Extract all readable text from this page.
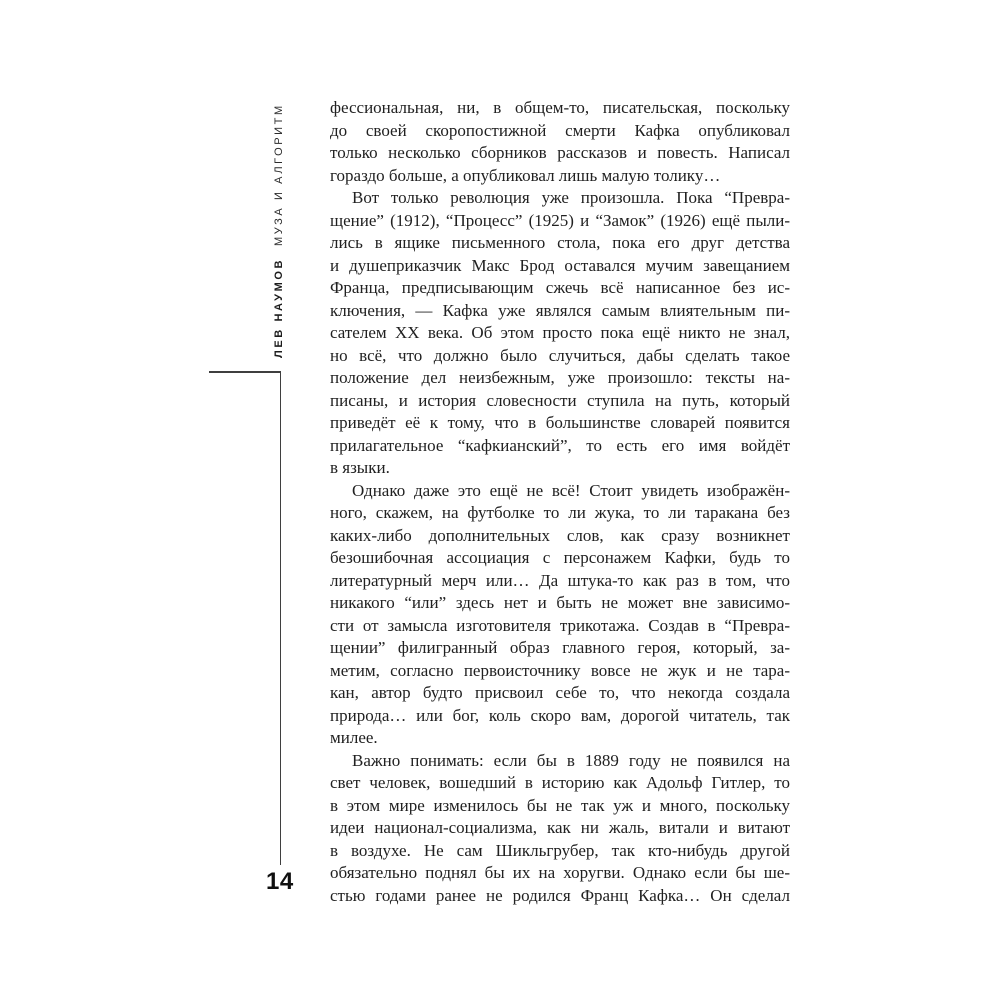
ЛЕВ НАУМОВМУЗА И АЛГОРИТМ
14
фессиональная, ни, в общем-то, писательская, поскольку
до своей скоропостижной смерти Кафка опубликовал
только несколько сборников рассказов и повесть. Написал
гораздо больше, а опубликовал лишь малую толику…
Вот только революция уже произошла. Пока “Превра-
щение” (1912), “Процесс” (1925) и “Замок” (1926) ещё пыли-
лись в ящике письменного стола, пока его друг детства
и душеприказчик Макс Брод оставался мучим завещанием
Франца, предписывающим сжечь всё написанное без ис-
ключения, — Кафка уже являлся самым влиятельным пи-
сателем XX века. Об этом просто пока ещё никто не знал,
но всё, что должно было случиться, дабы сделать такое
положение дел неизбежным, уже произошло: тексты на-
писаны, и история словесности ступила на путь, который
приведёт её к тому, что в большинстве словарей появится
прилагательное “кафкианский”, то есть его имя войдёт
в языки.
Однако даже это ещё не всё! Стоит увидеть изображён-
ного, скажем, на футболке то ли жука, то ли таракана без
каких-либо дополнительных слов, как сразу возникнет
безошибочная ассоциация с персонажем Кафки, будь то
литературный мерч или… Да штука-то как раз в том, что
никакого “или” здесь нет и быть не может вне зависимо-
сти от замысла изготовителя трикотажа. Создав в “Превра-
щении” филигранный образ главного героя, который, за-
метим, согласно первоисточнику вовсе не жук и не тара-
кан, автор будто присвоил себе то, что некогда создала
природа… или бог, коль скоро вам, дорогой читатель, так
милее.
Важно понимать: если бы в 1889 году не появился на
свет человек, вошедший в историю как Адольф Гитлер, то
в этом мире изменилось бы не так уж и много, поскольку
идеи национал-социализма, как ни жаль, витали и витают
в воздухе. Не сам Шикльгрубер, так кто-нибудь другой
обязательно поднял бы их на хоругви. Однако если бы ше-
стью годами ранее не родился Франц Кафка… Он сделал
